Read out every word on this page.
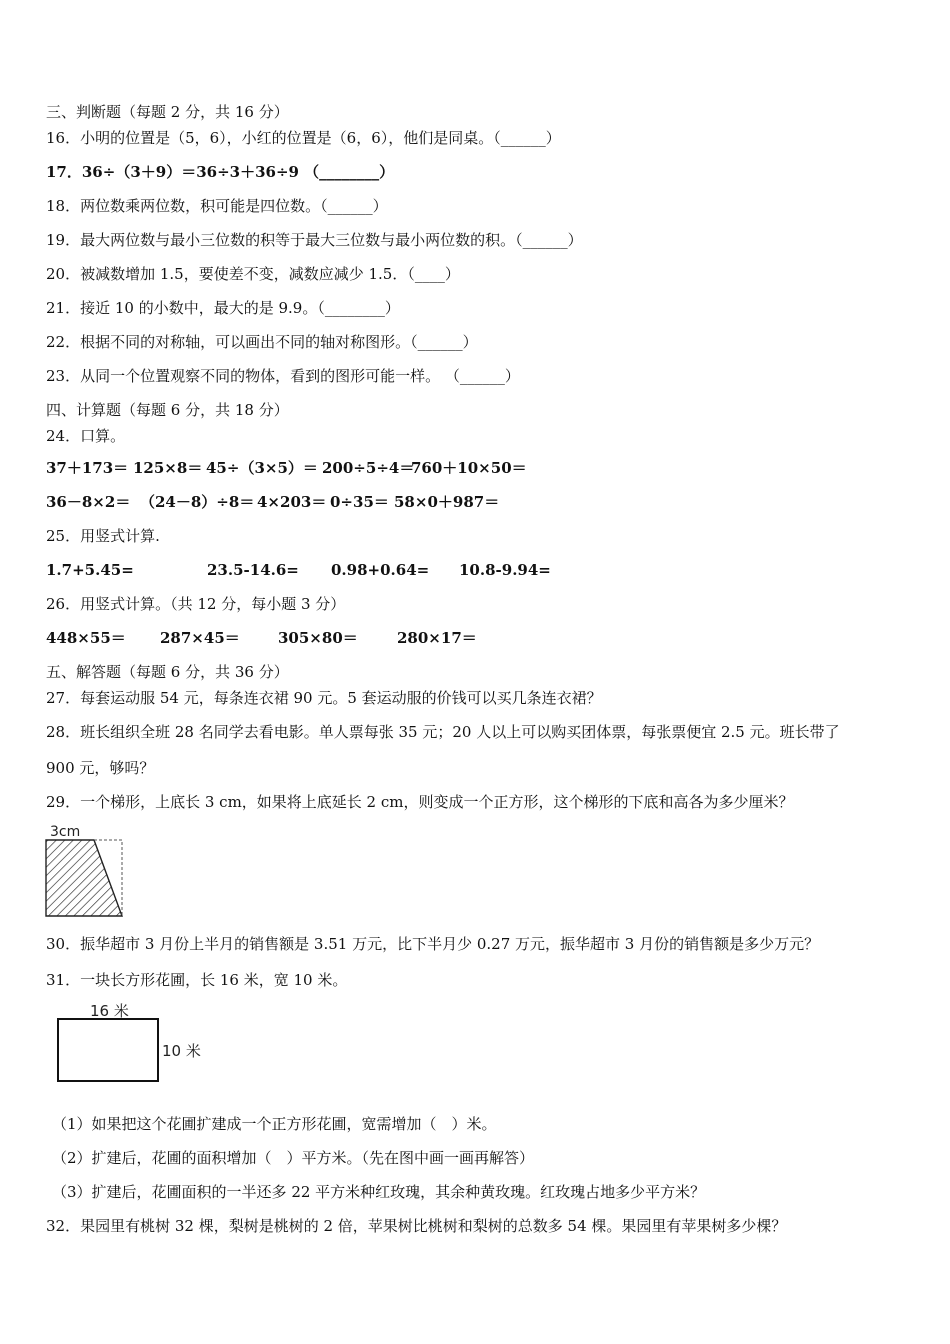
三、判断题（每题 2 分，共 16 分）
16．小明的位置是（5，6），小红的位置是（6，6），他们是同桌。（______）
17．36÷（3＋9）＝36÷3＋36÷9 （________）
18．两位数乘两位数，积可能是四位数。（______）
19．最大两位数与最小三位数的积等于最大三位数与最小两位数的积。（______）
20．被减数增加 1.5，要使差不变，减数应减少 1.5．（____）
21．接近 10 的小数中，最大的是 9.9。（________）
22．根据不同的对称轴，可以画出不同的轴对称图形。（______）
23．从同一个位置观察不同的物体，看到的图形可能一样。 （______）
四、计算题（每题 6 分，共 18 分）
24．口算。
37＋173＝ 125×8＝ 45÷（3×5）＝ 200÷5÷4＝
760＋10×50＝
36－8×2＝ （24－8）÷8＝ 4×203＝ 0÷35＝ 58×0＋987＝
25．用竖式计算.
1.7+5.45=	23.5-14.6= 0.98+0.64= 10.8-9.94=
26．用竖式计算。（共 12 分，每小题 3 分）
448×55＝ 287×45＝	305×80＝	280×17＝
五、解答题（每题 6 分，共 36 分）
27．每套运动服 54 元，每条连衣裙 90 元。5 套运动服的价钱可以买几条连衣裙？
28．班长组织全班 28 名同学去看电影。单人票每张 35 元；20 人以上可以购买团体票，每张票便宜 2.5 元。班长带了
900 元，够吗？
29．一个梯形，上底长 3 cm，如果将上底延长 2 cm，则变成一个正方形，这个梯形的下底和高各为多少厘米？
3cm
30．振华超市 3 月份上半月的销售额是 3.51 万元，比下半月少 0.27 万元，振华超市 3 月份的销售额是多少万元？
31．一块长方形花圃，长 16 米，宽 10 米。
16 米
10 米
（1）如果把这个花圃扩建成一个正方形花圃，宽需增加（　）米。
（2）扩建后，花圃的面积增加（　）平方米。（先在图中画一画再解答）
（3）扩建后，花圃面积的一半还多 22 平方米种红玫瑰，其余种黄玫瑰。红玫瑰占地多少平方米？
32．果园里有桃树 32 棵，梨树是桃树的 2 倍，苹果树比桃树和梨树的总数多 54 棵。果园里有苹果树多少棵？
